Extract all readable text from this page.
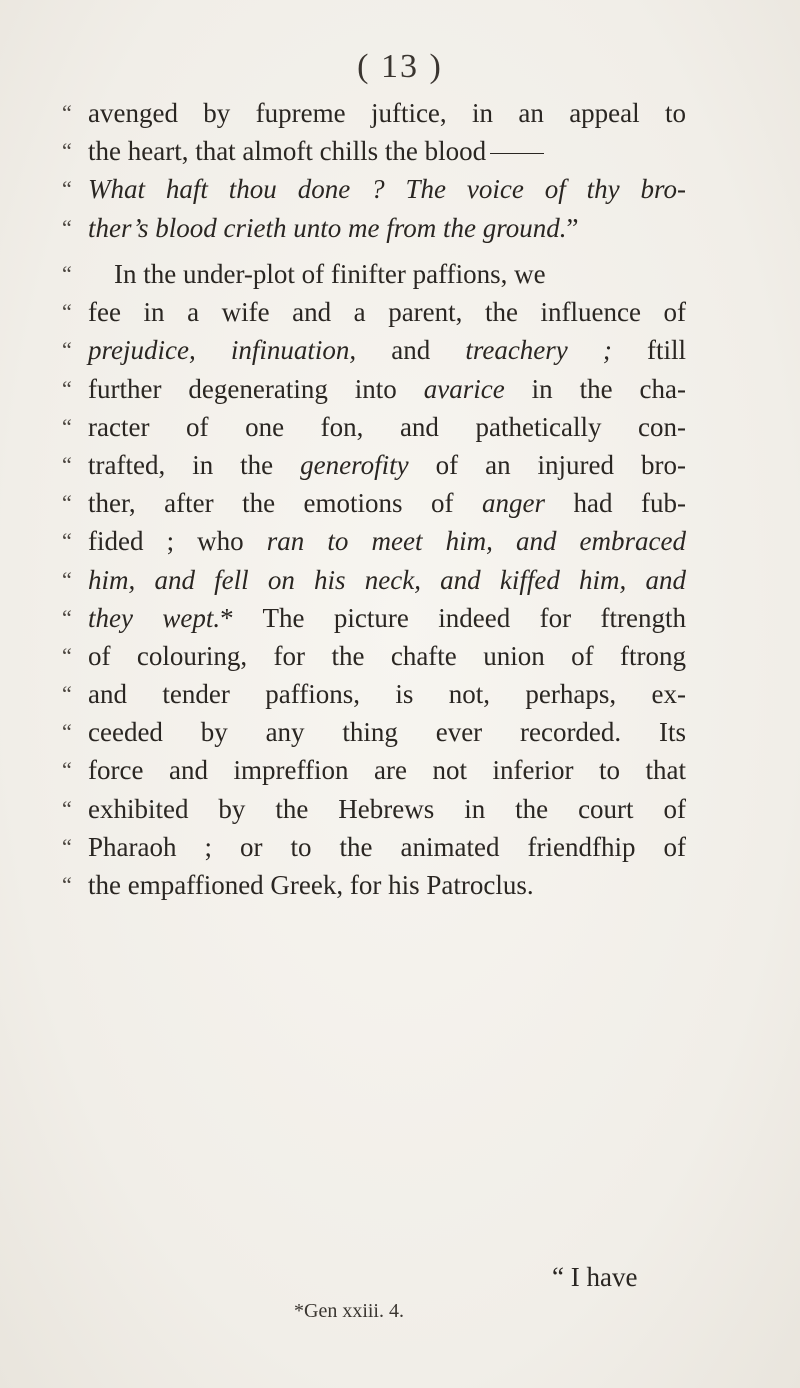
( 13 )
“ avenged by fupreme juftice, in an appeal to
“ the heart, that almoft chills the blood
“ What haft thou done ? The voice of thy bro-
“ ther’s blood crieth unto me from the ground.”
“ In the under-plot of finifter paffions, we
“ fee in a wife and a parent, the influence of
“ prejudice, infinuation, and treachery ; ftill
“ further degenerating into avarice in the cha-
“ racter of one fon, and pathetically con-
“ trafted, in the generofity of an injured bro-
“ ther, after the emotions of anger had fub-
“ fided ; who ran to meet him, and embraced
“ him, and fell on his neck, and kiffed him, and
“ they wept.* The picture indeed for ftrength
“ of colouring, for the chafte union of ftrong
“ and tender paffions, is not, perhaps, ex-
“ ceeded by any thing ever recorded. Its
“ force and impreffion are not inferior to that
“ exhibited by the Hebrews in the court of
“ Pharaoh ; or to the animated friendfhip of
“ the empaffioned Greek, for his Patroclus.
“ I have
*Gen xxiii. 4.
